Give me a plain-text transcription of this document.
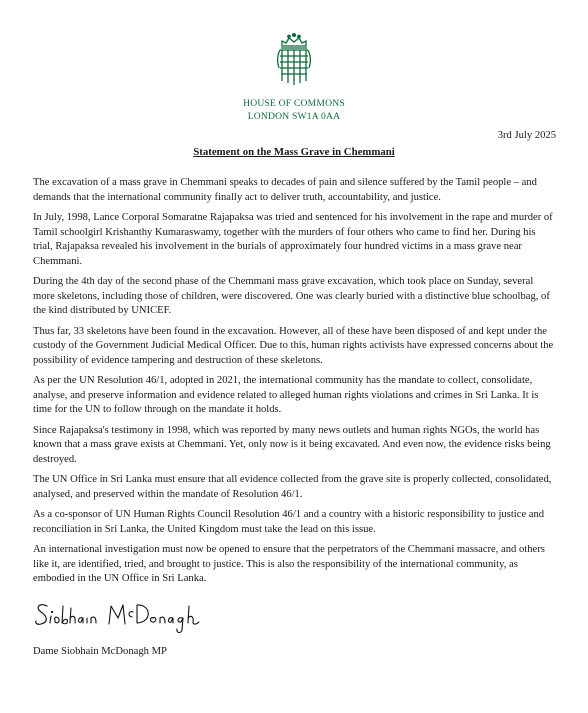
HOUSE OF COMMONS
LONDON SW1A 0AA
3rd July 2025
Statement on the Mass Grave in Chemmani

The excavation of a mass grave in Chemmani speaks to decades of pain and silence suffered by the Tamil people – and demands that the international community finally act to deliver truth, accountability, and justice.

In July, 1998, Lance Corporal Somaratne Rajapaksa was tried and sentenced for his involvement in the rape and murder of Tamil schoolgirl Krishanthy Kumaraswamy, together with the murders of four others who came to find her. During his trial, Rajapaksa revealed his involvement in the burials of approximately four hundred victims in a mass grave near Chemmani.

During the 4th day of the second phase of the Chemmani mass grave excavation, which took place on Sunday, several more skeletons, including those of children, were discovered. One was clearly buried with a distinctive blue schoolbag, of the kind distributed by UNICEF.

Thus far, 33 skeletons have been found in the excavation. However, all of these have been disposed of and kept under the custody of the Government Judicial Medical Officer. Due to this, human rights activists have expressed concerns about the possibility of evidence tampering and destruction of these skeletons.

As per the UN Resolution 46/1, adopted in 2021, the international community has the mandate to collect, consolidate, analyse, and preserve information and evidence related to alleged human rights violations and crimes in Sri Lanka. It is time for the UN to follow through on the mandate it holds.

Since Rajapaksa's testimony in 1998, which was reported by many news outlets and human rights NGOs, the world has known that a mass grave exists at Chemmani. Yet, only now is it being excavated. And even now, the evidence risks being destroyed.

The UN Office in Sri Lanka must ensure that all evidence collected from the grave site is properly collected, consolidated, analysed, and preserved within the mandate of Resolution 46/1.

As a co-sponsor of UN Human Rights Council Resolution 46/1 and a country with a historic responsibility to justice and reconciliation in Sri Lanka, the United Kingdom must take the lead on this issue.

An international investigation must now be opened to ensure that the perpetrators of the Chemmani massacre, and others like it, are identified, tried, and brought to justice. This is also the responsibility of the international community, as embodied in the UN Office in Sri Lanka.

Dame Siobhain McDonagh MP
